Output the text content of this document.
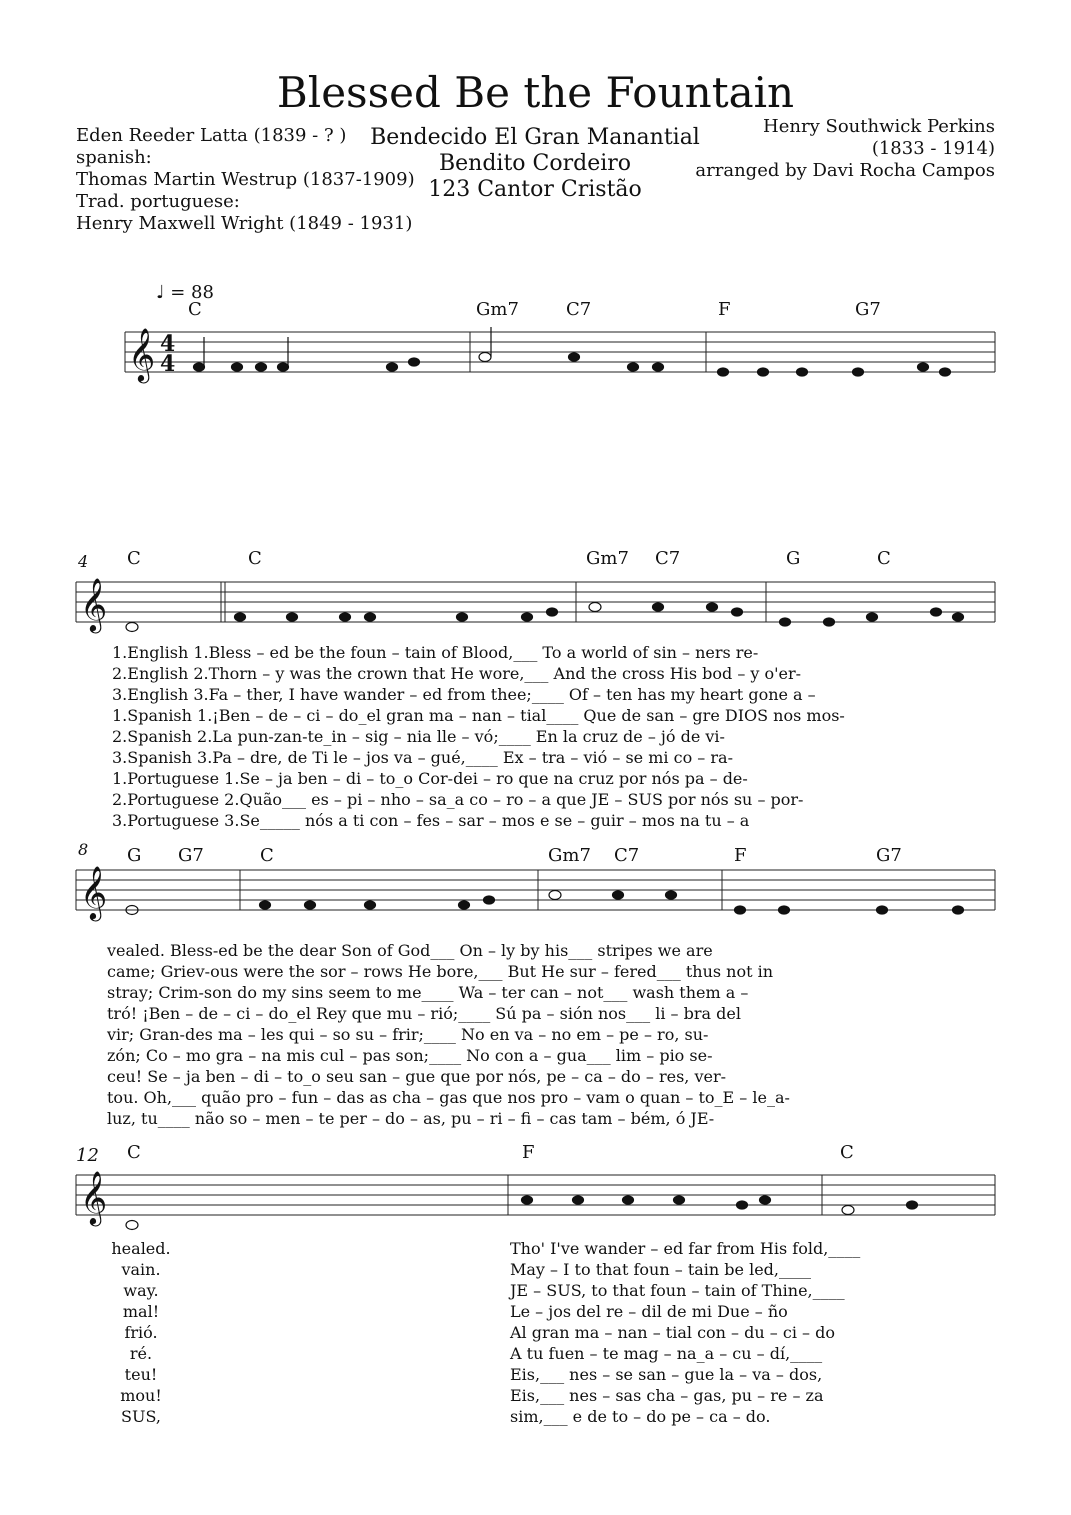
Blessed Be the Fountain
Eden Reeder Latta (1839 - ? )
spanish:
Thomas Martin Westrup (1837-1909)
Trad. portuguese:
Henry Maxwell Wright (1849 - 1931)
Bendecido El Gran Manantial
Bendito Cordeiro
123 Cantor Cristão
Henry Southwick Perkins
(1833 - 1914)
arranged by Davi Rocha Campos
♩ = 88
𝄞
𝄞
𝄞
𝄞
4
4
C	Gm7	C7	F	G7
4 C	C	Gm7 C7	G	C
1.English 1.Bless – ed be the foun – tain of Blood,___ To a world of sin – ners re-
2.English 2.Thorn – y was the crown that He wore,___ And the cross His bod – y o'er-
3.English 3.Fa – ther, I have wander – ed from thee;____ Of – ten has my heart gone a –
1.Spanish 1.¡Ben – de – ci – do_el gran ma – nan – tial____ Que de san – gre DIOS nos mos-
2.Spanish 2.La pun-zan-te_in – sig – nia lle – vó;____ En la cruz de – jó de vi-
3.Spanish 3.Pa – dre, de Ti le – jos va – gué,____ Ex – tra – vió – se mi co – ra-
1.Portuguese 1.Se – ja ben – di – to_o Cor-dei – ro que na cruz por nós pa – de-
2.Portuguese 2.Quão___ es – pi – nho – sa_a co – ro – a que JE – SUS por nós su – por-
3.Portuguese 3.Se_____ nós a ti con – fes – sar – mos e se – guir – mos na tu – a
8 G G7	C	Gm7 C7	F	G7
vealed. Bless-ed be the dear Son of God___ On – ly by his___ stripes we are
came; Griev-ous were the sor – rows He bore,___ But He sur – fered___ thus not in
stray; Crim-son do my sins seem to me____ Wa – ter can – not___ wash them a –
tró! ¡Ben – de – ci – do_el Rey que mu – rió;____ Sú pa – sión nos___ li – bra del
vir; Gran-des ma – les qui – so su – frir;____ No en va – no em – pe – ro, su-
zón; Co – mo gra – na mis cul – pas son;____ No con a – gua___ lim – pio se-
ceu! Se – ja ben – di – to_o seu san – gue que por nós, pe – ca – do – res, ver-
tou. Oh,___ quão pro – fun – das as cha – gas que nos pro – vam o quan – to_E – le_a-
luz, tu____ não so – men – te per – do – as, pu – ri – fi – cas tam – bém, ó JE-
12 C	F	C
healed.
vain.
way.
mal!
frió.
ré.
teu!
mou!
SUS,
Tho' I've wander – ed far from His fold,____
May – I to that foun – tain be led,____
JE – SUS, to that foun – tain of Thine,____
Le – jos del re – dil de mi Due – ño
Al gran ma – nan – tial con – du – ci – do
A tu fuen – te mag – na_a – cu – dí,____
Eis,___ nes – se san – gue la – va – dos,
Eis,___ nes – sas cha – gas, pu – re – za
sim,___ e de to – do pe – ca – do.
